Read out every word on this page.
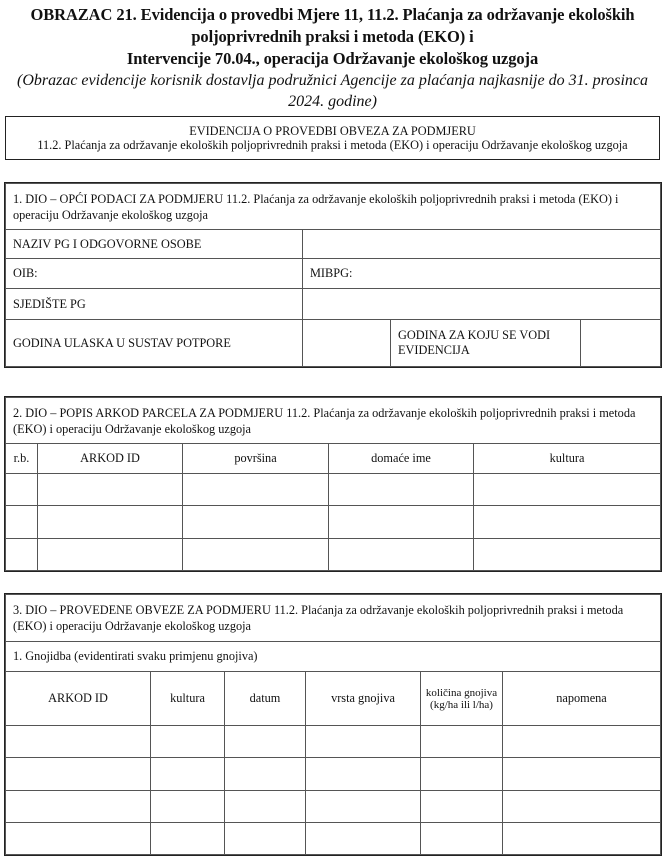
OBRAZAC 21. Evidencija o provedbi Mjere 11, 11.2. Plaćanja za održavanje ekoloških
poljoprivrednih praksi i metoda (EKO) i
Intervencije 70.04., operacija Održavanje ekološkog uzgoja
(Obrazac evidencije korisnik dostavlja podružnici Agencije za plaćanja najkasnije do 31. prosinca
2024. godine)
EVIDENCIJA O PROVEDBI OBVEZA ZA PODMJERU
11.2. Plaćanja za održavanje ekoloških poljoprivrednih praksi i metoda (EKO) i operaciju Održavanje ekološkog uzgoja
1. DIO – OPĆI PODACI ZA PODMJERU 11.2. Plaćanja za održavanje ekoloških poljoprivrednih praksi i metoda (EKO) i operaciju Održavanje ekološkog uzgoja			
NAZIV PG I ODGOVORNE OSOBE			
OIB:	MIBPG:		
SJEDIŠTE PG			
GODINA ULASKA U SUSTAV POTPORE		GODINA ZA KOJU SE VODI EVIDENCIJA	
2. DIO – POPIS ARKOD PARCELA ZA PODMJERU 11.2. Plaćanja za održavanje ekoloških poljoprivrednih praksi i metoda (EKO) i operaciju Održavanje ekološkog uzgoja				
r.b.	ARKOD ID	površina	domaće ime	kultura

3. DIO – PROVEDENE OBVEZE ZA PODMJERU 11.2. Plaćanja za održavanje ekoloških poljoprivrednih praksi i metoda (EKO) i operaciju Održavanje ekološkog uzgoja					
1. Gnojidba (evidentirati svaku primjenu gnojiva)					
ARKOD ID	kultura	datum	vrsta gnojiva	količina gnojiva (kg/ha ili l/ha)	napomena
